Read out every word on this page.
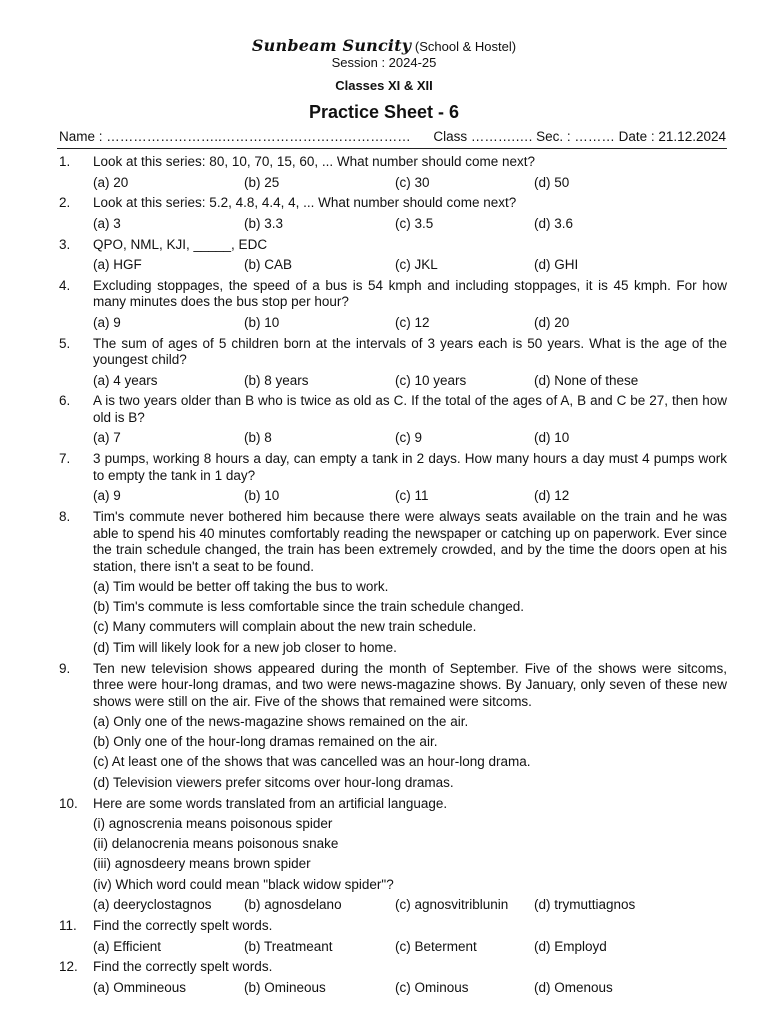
Sunbeam Suncity (School & Hostel)
Session : 2024-25
Classes XI & XII
Practice Sheet - 6
Name : ……………………..…………………………………… Class ……….…. Sec. : ……… Date : 21.12.2024
1. Look at this series: 80, 10, 70, 15, 60, ... What number should come next?
(a) 20	(b) 25	(c) 30	(d) 50
2. Look at this series: 5.2, 4.8, 4.4, 4, ... What number should come next?
(a) 3	(b) 3.3	(c) 3.5	(d) 3.6
3. QPO, NML, KJI, _____, EDC
(a) HGF	(b) CAB	(c) JKL	(d) GHI
4. Excluding stoppages, the speed of a bus is 54 kmph and including stoppages, it is 45 kmph. For how many minutes does the bus stop per hour?
(a) 9	(b) 10	(c) 12	(d) 20
5. The sum of ages of 5 children born at the intervals of 3 years each is 50 years. What is the age of the youngest child?
(a) 4 years	(b) 8 years	(c) 10 years	(d) None of these
6. A is two years older than B who is twice as old as C. If the total of the ages of A, B and C be 27, then how old is B?
(a) 7	(b) 8	(c) 9	(d) 10
7. 3 pumps, working 8 hours a day, can empty a tank in 2 days. How many hours a day must 4 pumps work to empty the tank in 1 day?
(a) 9	(b) 10	(c) 11	(d) 12
8. Tim's commute never bothered him because there were always seats available on the train and he was able to spend his 40 minutes comfortably reading the newspaper or catching up on paperwork. Ever since the train schedule changed, the train has been extremely crowded, and by the time the doors open at his station, there isn't a seat to be found.
(a) Tim would be better off taking the bus to work.
(b) Tim's commute is less comfortable since the train schedule changed.
(c) Many commuters will complain about the new train schedule.
(d) Tim will likely look for a new job closer to home.
9. Ten new television shows appeared during the month of September. Five of the shows were sitcoms, three were hour-long dramas, and two were news-magazine shows. By January, only seven of these new shows were still on the air. Five of the shows that remained were sitcoms.
(a) Only one of the news-magazine shows remained on the air.
(b) Only one of the hour-long dramas remained on the air.
(c) At least one of the shows that was cancelled was an hour-long drama.
(d) Television viewers prefer sitcoms over hour-long dramas.
10. Here are some words translated from an artificial language.
(i) agnoscrenia means poisonous spider
(ii) delanocrenia means poisonous snake
(iii) agnosdeery means brown spider
(iv) Which word could mean "black widow spider"?
(a) deeryclostagnos (b) agnosdelano	(c) agnosvitriblunin (d) trymuttiagnos
11. Find the correctly spelt words.
(a) Efficient	(b) Treatmeant	(c) Beterment	(d) Employd
12. Find the correctly spelt words.
(a) Ommineous	(b) Omineous	(c) Ominous	(d) Omenous
